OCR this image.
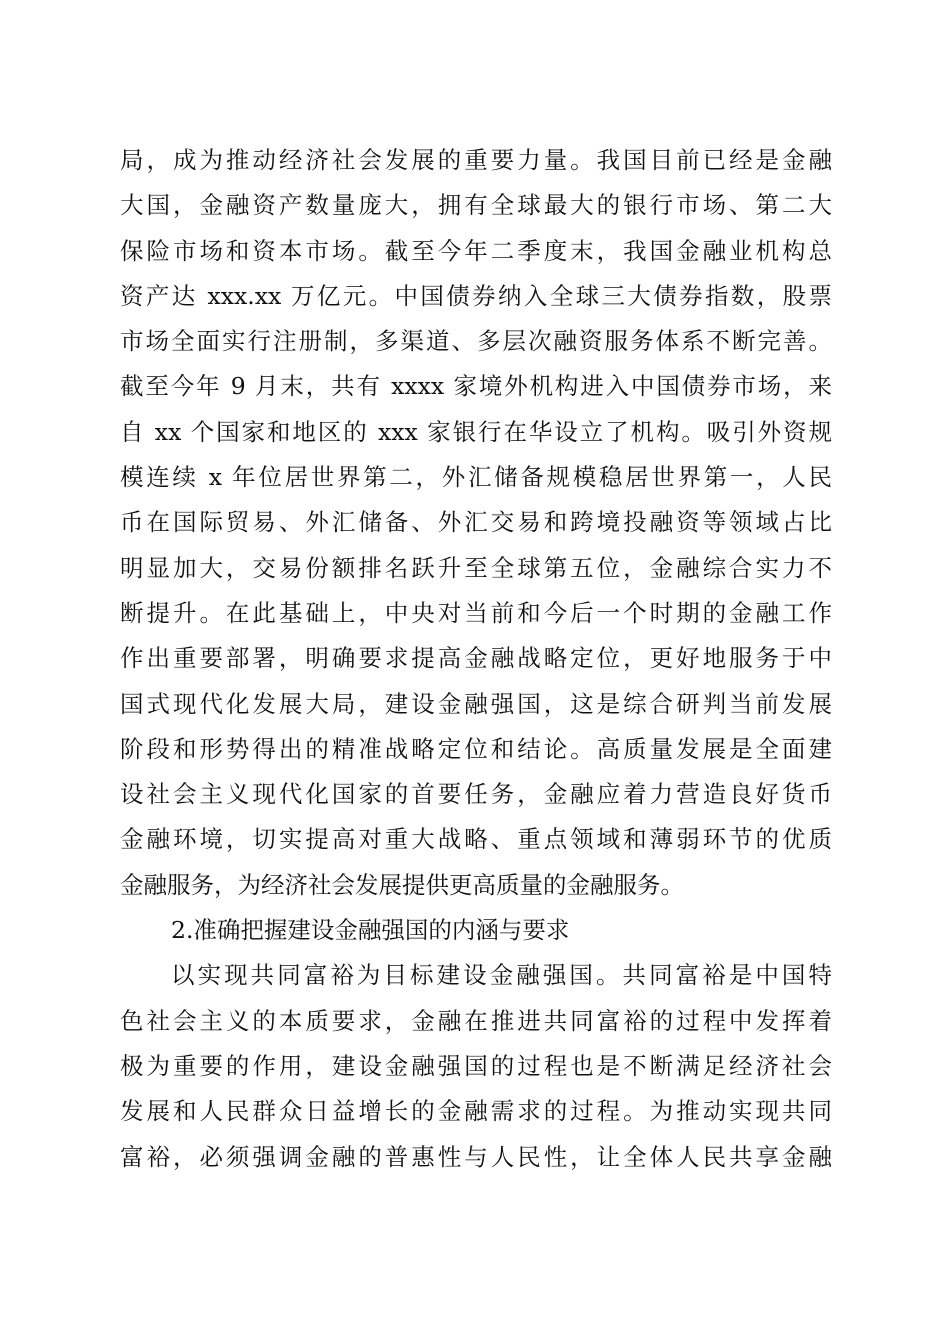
局，成为推动经济社会发展的重要力量。我国目前已经是金融
大国，金融资产数量庞大，拥有全球最大的银行市场、第二大
保险市场和资本市场。截至今年二季度末，我国金融业机构总
资产达 xxx.xx 万亿元。中国债券纳入全球三大债券指数，股票
市场全面实行注册制，多渠道、多层次融资服务体系不断完善。
截至今年 9 月末，共有 xxxx 家境外机构进入中国债券市场，来
自 xx 个国家和地区的 xxx 家银行在华设立了机构。吸引外资规
模连续 x 年位居世界第二，外汇储备规模稳居世界第一，人民
币在国际贸易、外汇储备、外汇交易和跨境投融资等领域占比
明显加大，交易份额排名跃升至全球第五位，金融综合实力不
断提升。在此基础上，中央对当前和今后一个时期的金融工作
作出重要部署，明确要求提高金融战略定位，更好地服务于中
国式现代化发展大局，建设金融强国，这是综合研判当前发展
阶段和形势得出的精准战略定位和结论。高质量发展是全面建
设社会主义现代化国家的首要任务，金融应着力营造良好货币
金融环境，切实提高对重大战略、重点领域和薄弱环节的优质
金融服务，为经济社会发展提供更高质量的金融服务。
2.准确把握建设金融强国的内涵与要求
以实现共同富裕为目标建设金融强国。共同富裕是中国特
色社会主义的本质要求，金融在推进共同富裕的过程中发挥着
极为重要的作用，建设金融强国的过程也是不断满足经济社会
发展和人民群众日益增长的金融需求的过程。为推动实现共同
富裕，必须强调金融的普惠性与人民性，让全体人民共享金融
